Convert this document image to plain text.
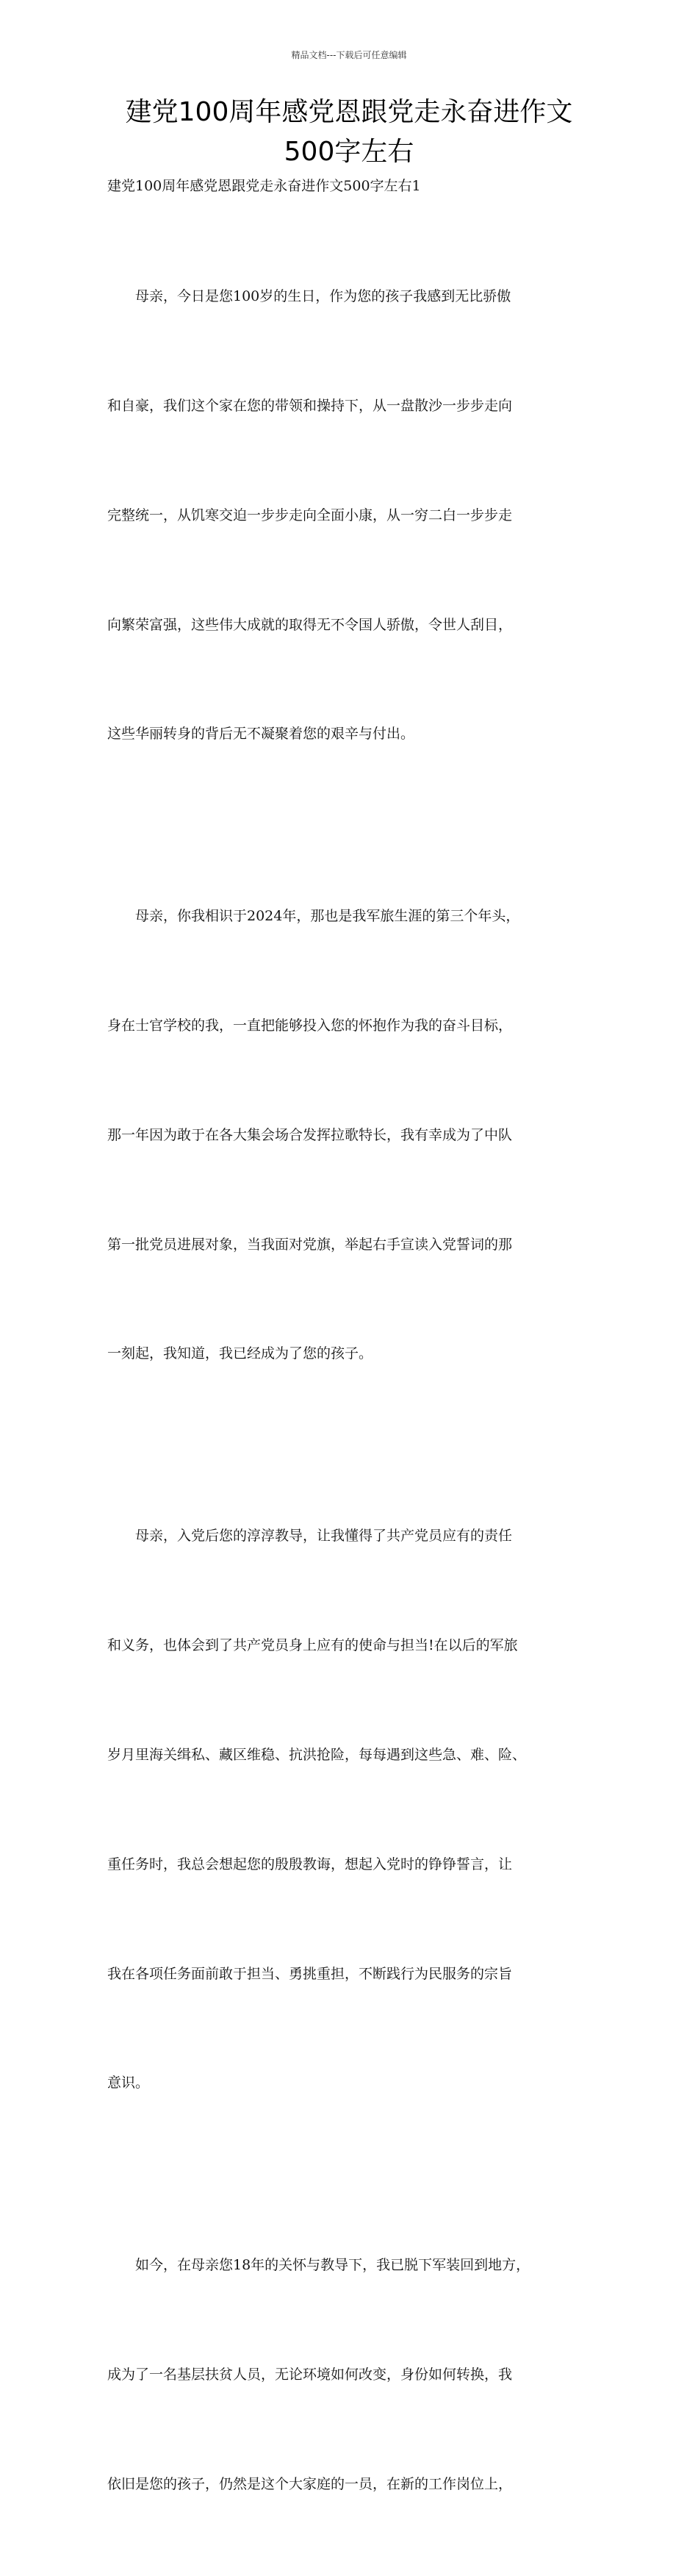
精品文档---下载后可任意编辑
建党100周年感党恩跟党走永奋进作文
500字左右
建党100周年感党恩跟党走永奋进作文500字左右1

母亲，今日是您100岁的生日，作为您的孩子我感到无比骄傲

和自豪，我们这个家在您的带领和操持下，从一盘散沙一步步走向

完整统一，从饥寒交迫一步步走向全面小康，从一穷二白一步步走

向繁荣富强，这些伟大成就的取得无不令国人骄傲，令世人刮目，

这些华丽转身的背后无不凝聚着您的艰辛与付出。

母亲，你我相识于2024年，那也是我军旅生涯的第三个年头，

身在士官学校的我，一直把能够投入您的怀抱作为我的奋斗目标，

那一年因为敢于在各大集会场合发挥拉歌特长，我有幸成为了中队

第一批党员进展对象，当我面对党旗，举起右手宣读入党誓词的那

一刻起，我知道，我已经成为了您的孩子。

母亲，入党后您的淳淳教导，让我懂得了共产党员应有的责任

和义务，也体会到了共产党员身上应有的使命与担当!在以后的军旅

岁月里海关缉私、藏区维稳、抗洪抢险，每每遇到这些急、难、险、

重任务时，我总会想起您的殷殷教诲，想起入党时的铮铮誓言，让

我在各项任务面前敢于担当、勇挑重担，不断践行为民服务的宗旨

意识。

如今，在母亲您18年的关怀与教导下，我已脱下军装回到地方，

成为了一名基层扶贫人员，无论环境如何改变，身份如何转换，我

依旧是您的孩子，仍然是这个大家庭的一员，在新的工作岗位上，
